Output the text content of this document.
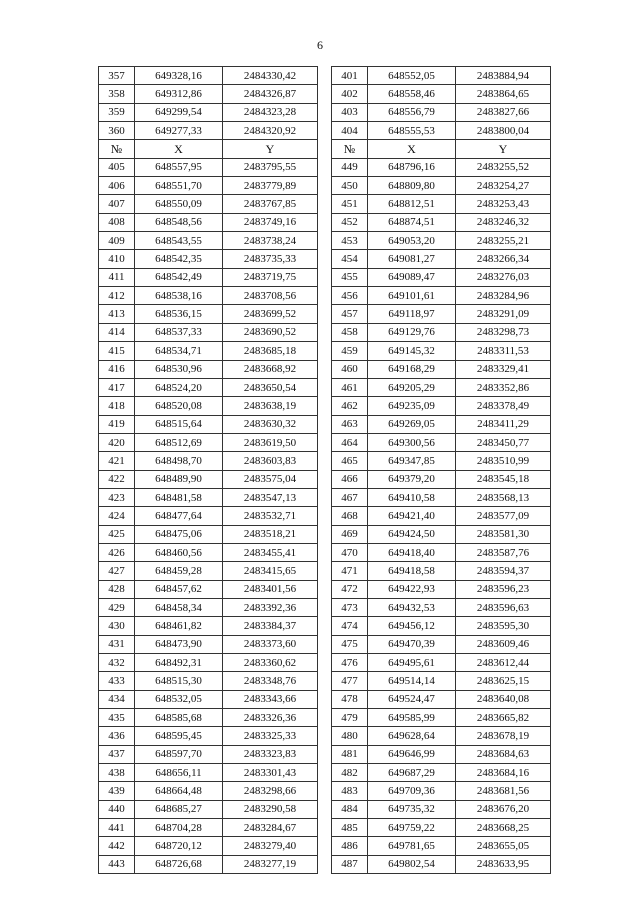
6
357	649328,16	2484330,42		401	648552,05	2483884,94
358	649312,86	2484326,87		402	648558,46	2483864,65
359	649299,54	2484323,28		403	648556,79	2483827,66
360	649277,33	2484320,92		404	648555,53	2483800,04
№	X	Y		№	X	Y
405	648557,95	2483795,55		449	648796,16	2483255,52
406	648551,70	2483779,89		450	648809,80	2483254,27
407	648550,09	2483767,85		451	648812,51	2483253,43
408	648548,56	2483749,16		452	648874,51	2483246,32
409	648543,55	2483738,24		453	649053,20	2483255,21
410	648542,35	2483735,33		454	649081,27	2483266,34
411	648542,49	2483719,75		455	649089,47	2483276,03
412	648538,16	2483708,56		456	649101,61	2483284,96
413	648536,15	2483699,52		457	649118,97	2483291,09
414	648537,33	2483690,52		458	649129,76	2483298,73
415	648534,71	2483685,18		459	649145,32	2483311,53
416	648530,96	2483668,92		460	649168,29	2483329,41
417	648524,20	2483650,54		461	649205,29	2483352,86
418	648520,08	2483638,19		462	649235,09	2483378,49
419	648515,64	2483630,32		463	649269,05	2483411,29
420	648512,69	2483619,50		464	649300,56	2483450,77
421	648498,70	2483603,83		465	649347,85	2483510,99
422	648489,90	2483575,04		466	649379,20	2483545,18
423	648481,58	2483547,13		467	649410,58	2483568,13
424	648477,64	2483532,71		468	649421,40	2483577,09
425	648475,06	2483518,21		469	649424,50	2483581,30
426	648460,56	2483455,41		470	649418,40	2483587,76
427	648459,28	2483415,65		471	649418,58	2483594,37
428	648457,62	2483401,56		472	649422,93	2483596,23
429	648458,34	2483392,36		473	649432,53	2483596,63
430	648461,82	2483384,37		474	649456,12	2483595,30
431	648473,90	2483373,60		475	649470,39	2483609,46
432	648492,31	2483360,62		476	649495,61	2483612,44
433	648515,30	2483348,76		477	649514,14	2483625,15
434	648532,05	2483343,66		478	649524,47	2483640,08
435	648585,68	2483326,36		479	649585,99	2483665,82
436	648595,45	2483325,33		480	649628,64	2483678,19
437	648597,70	2483323,83		481	649646,99	2483684,63
438	648656,11	2483301,43		482	649687,29	2483684,16
439	648664,48	2483298,66		483	649709,36	2483681,56
440	648685,27	2483290,58		484	649735,32	2483676,20
441	648704,28	2483284,67		485	649759,22	2483668,25
442	648720,12	2483279,40		486	649781,65	2483655,05
443	648726,68	2483277,19		487	649802,54	2483633,95
